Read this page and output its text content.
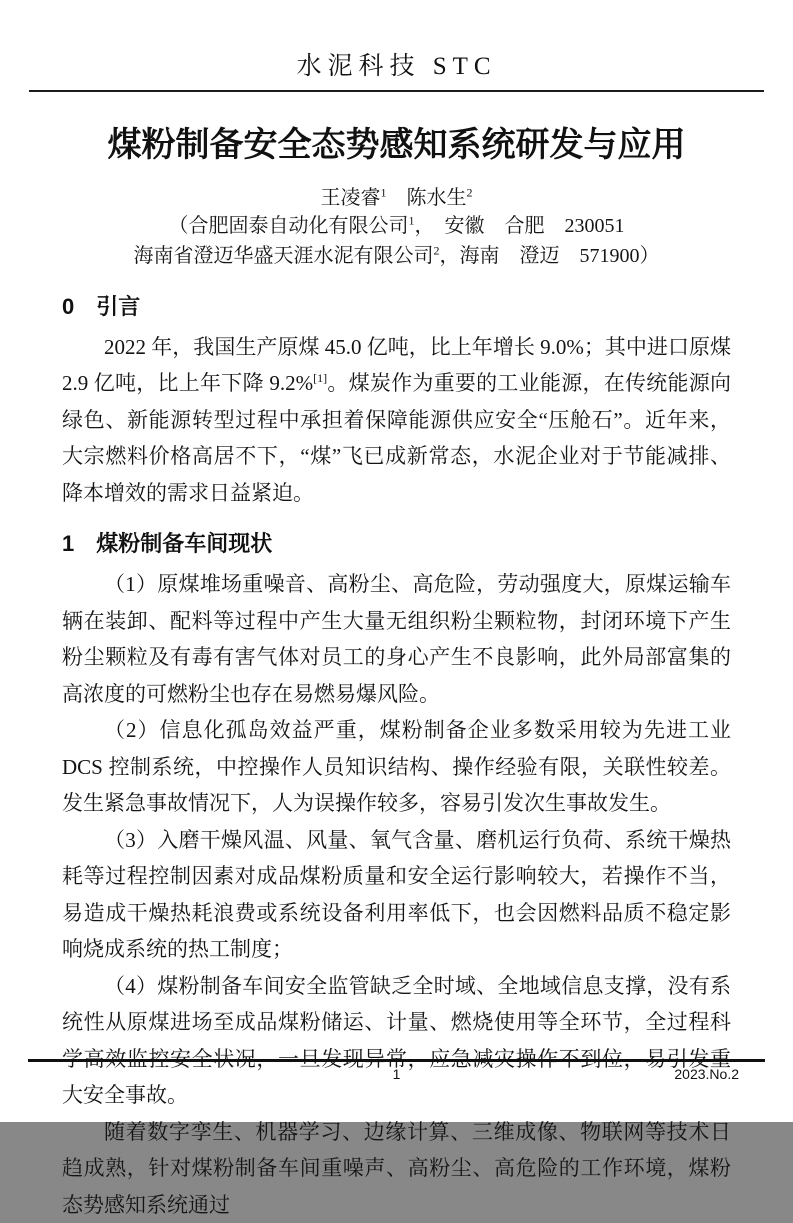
水泥科技 STC
煤粉制备安全态势感知系统研发与应用
王凌睿$^1$　陈水生$^2$
（合肥固泰自动化有限公司$^1$，　安徽　合肥　230051
海南省澄迈华盛天涯水泥有限公司$^2$，海南　澄迈　571900）
0　引言

2022 年，我国生产原煤 45.0 亿吨，比上年增长 9.0%；其中进口原煤 2.9 亿吨，比上年下降 9.2%[1]。煤炭作为重要的工业能源，在传统能源向绿色、新能源转型过程中承担着保障能源供应安全“压舱石”。近年来，大宗燃料价格高居不下，“煤”飞已成新常态，水泥企业对于节能减排、降本增效的需求日益紧迫。

1　煤粉制备车间现状

（1）原煤堆场重噪音、高粉尘、高危险，劳动强度大，原煤运输车辆在装卸、配料等过程中产生大量无组织粉尘颗粒物，封闭环境下产生粉尘颗粒及有毒有害气体对员工的身心产生不良影响，此外局部富集的高浓度的可燃粉尘也存在易燃易爆风险。

（2）信息化孤岛效益严重，煤粉制备企业多数采用较为先进工业 DCS 控制系统，中控操作人员知识结构、操作经验有限，关联性较差。发生紧急事故情况下，人为误操作较多，容易引发次生事故发生。

（3）入磨干燥风温、风量、氧气含量、磨机运行负荷、系统干燥热耗等过程控制因素对成品煤粉质量和安全运行影响较大，若操作不当，易造成干燥热耗浪费或系统设备利用率低下，也会因燃料品质不稳定影响烧成系统的热工制度；

（4）煤粉制备车间安全监管缺乏全时域、全地域信息支撑，没有系统性从原煤进场至成品煤粉储运、计量、燃烧使用等全环节，全过程科学高效监控安全状况，一旦发现异常，应急减灾操作不到位，易引发重大安全事故。

随着数字孪生、机器学习、边缘计算、三维成像、物联网等技术日趋成熟，针对煤粉制备车间重噪声、高粉尘、高危险的工作环境，煤粉态势感知系统通过

1	2023.No.2
